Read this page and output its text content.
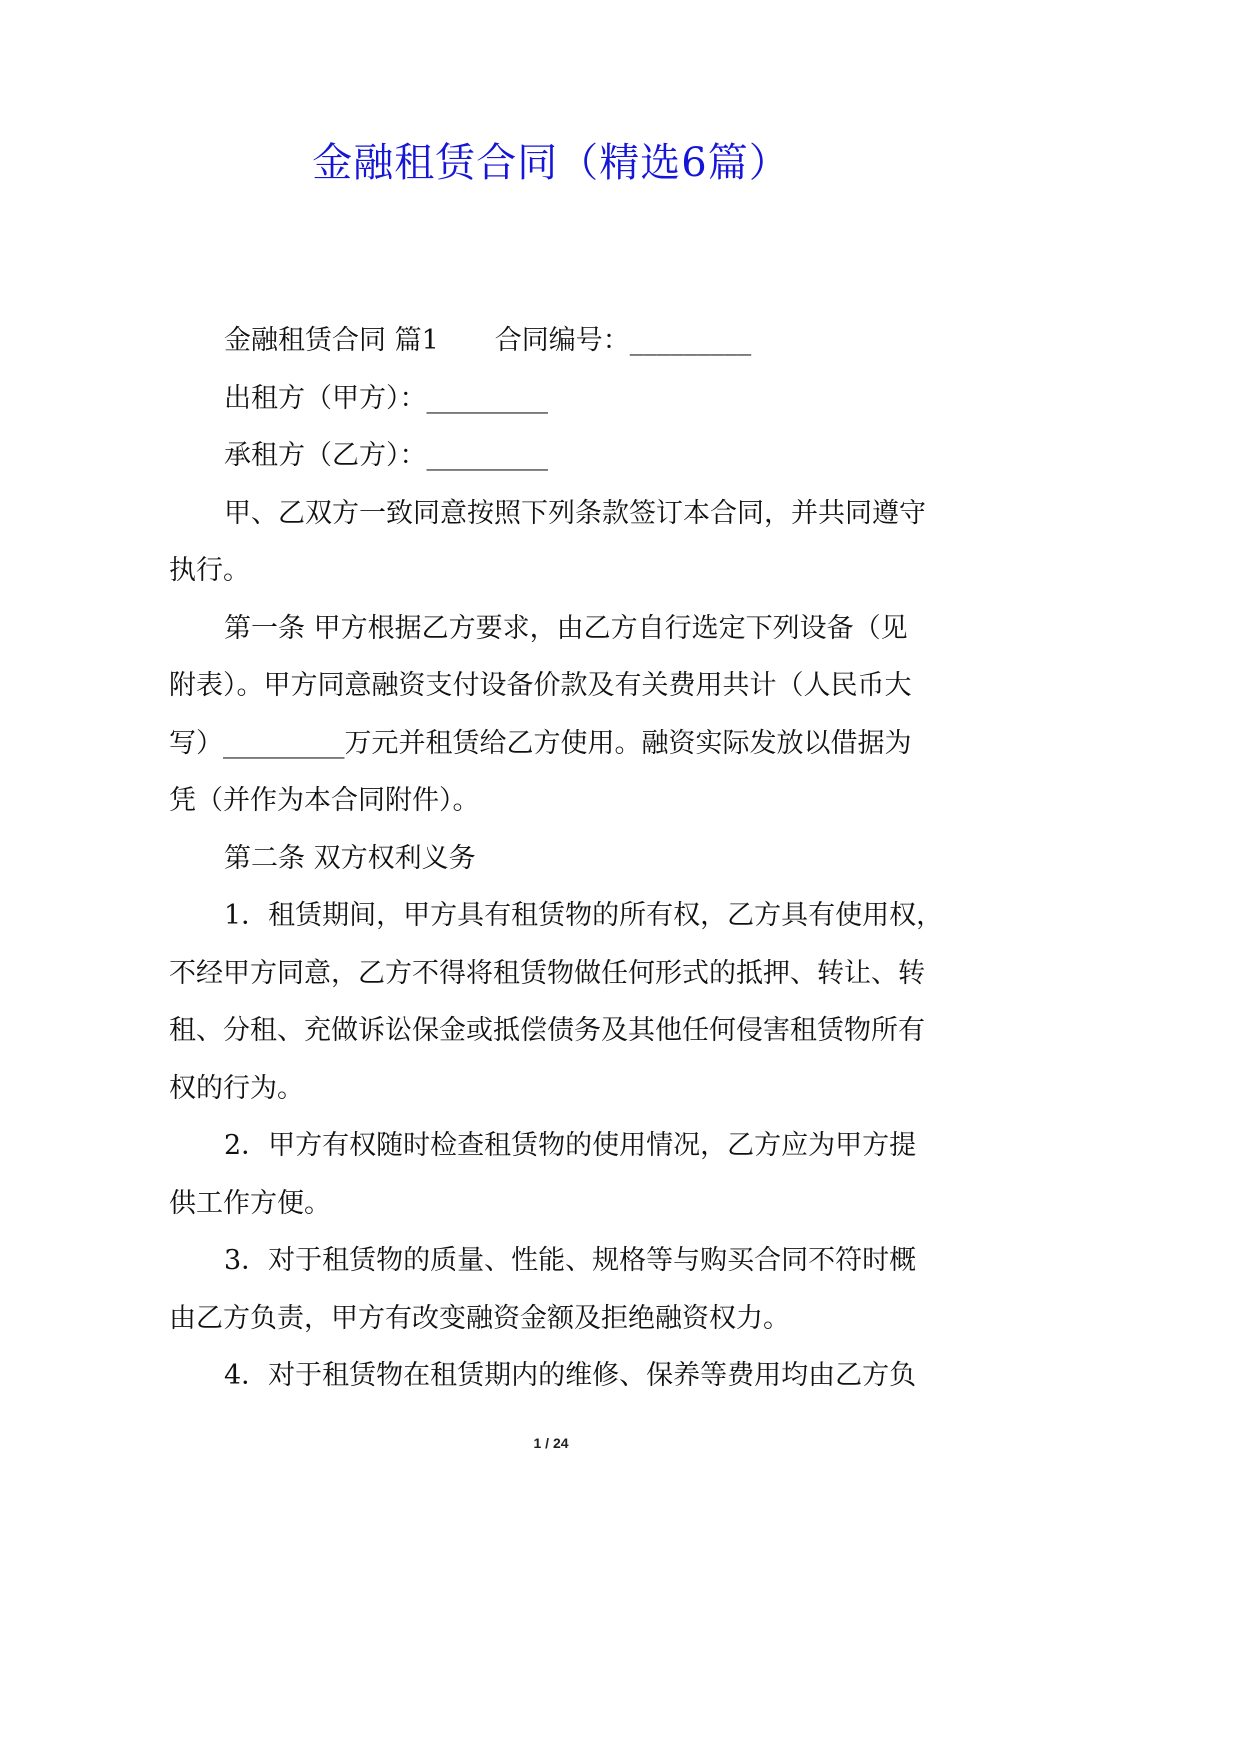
金融租赁合同（精选6篇）
金融租赁合同 篇1 合同编号：_________
出租方（甲方）：_________
承租方（乙方）：_________
甲、乙双方一致同意按照下列条款签订本合同，并共同遵守
执行。
第一条 甲方根据乙方要求，由乙方自行选定下列设备（见
附表）。甲方同意融资支付设备价款及有关费用共计（人民币大
写）_________万元并租赁给乙方使用。融资实际发放以借据为
凭（并作为本合同附件）。
第二条 双方权利义务
1．租赁期间，甲方具有租赁物的所有权，乙方具有使用权，
不经甲方同意，乙方不得将租赁物做任何形式的抵押、转让、转
租、分租、充做诉讼保金或抵偿债务及其他任何侵害租赁物所有
权的行为。
2．甲方有权随时检查租赁物的使用情况，乙方应为甲方提
供工作方便。
3．对于租赁物的质量、性能、规格等与购买合同不符时概
由乙方负责，甲方有改变融资金额及拒绝融资权力。
4．对于租赁物在租赁期内的维修、保养等费用均由乙方负
1 / 24
